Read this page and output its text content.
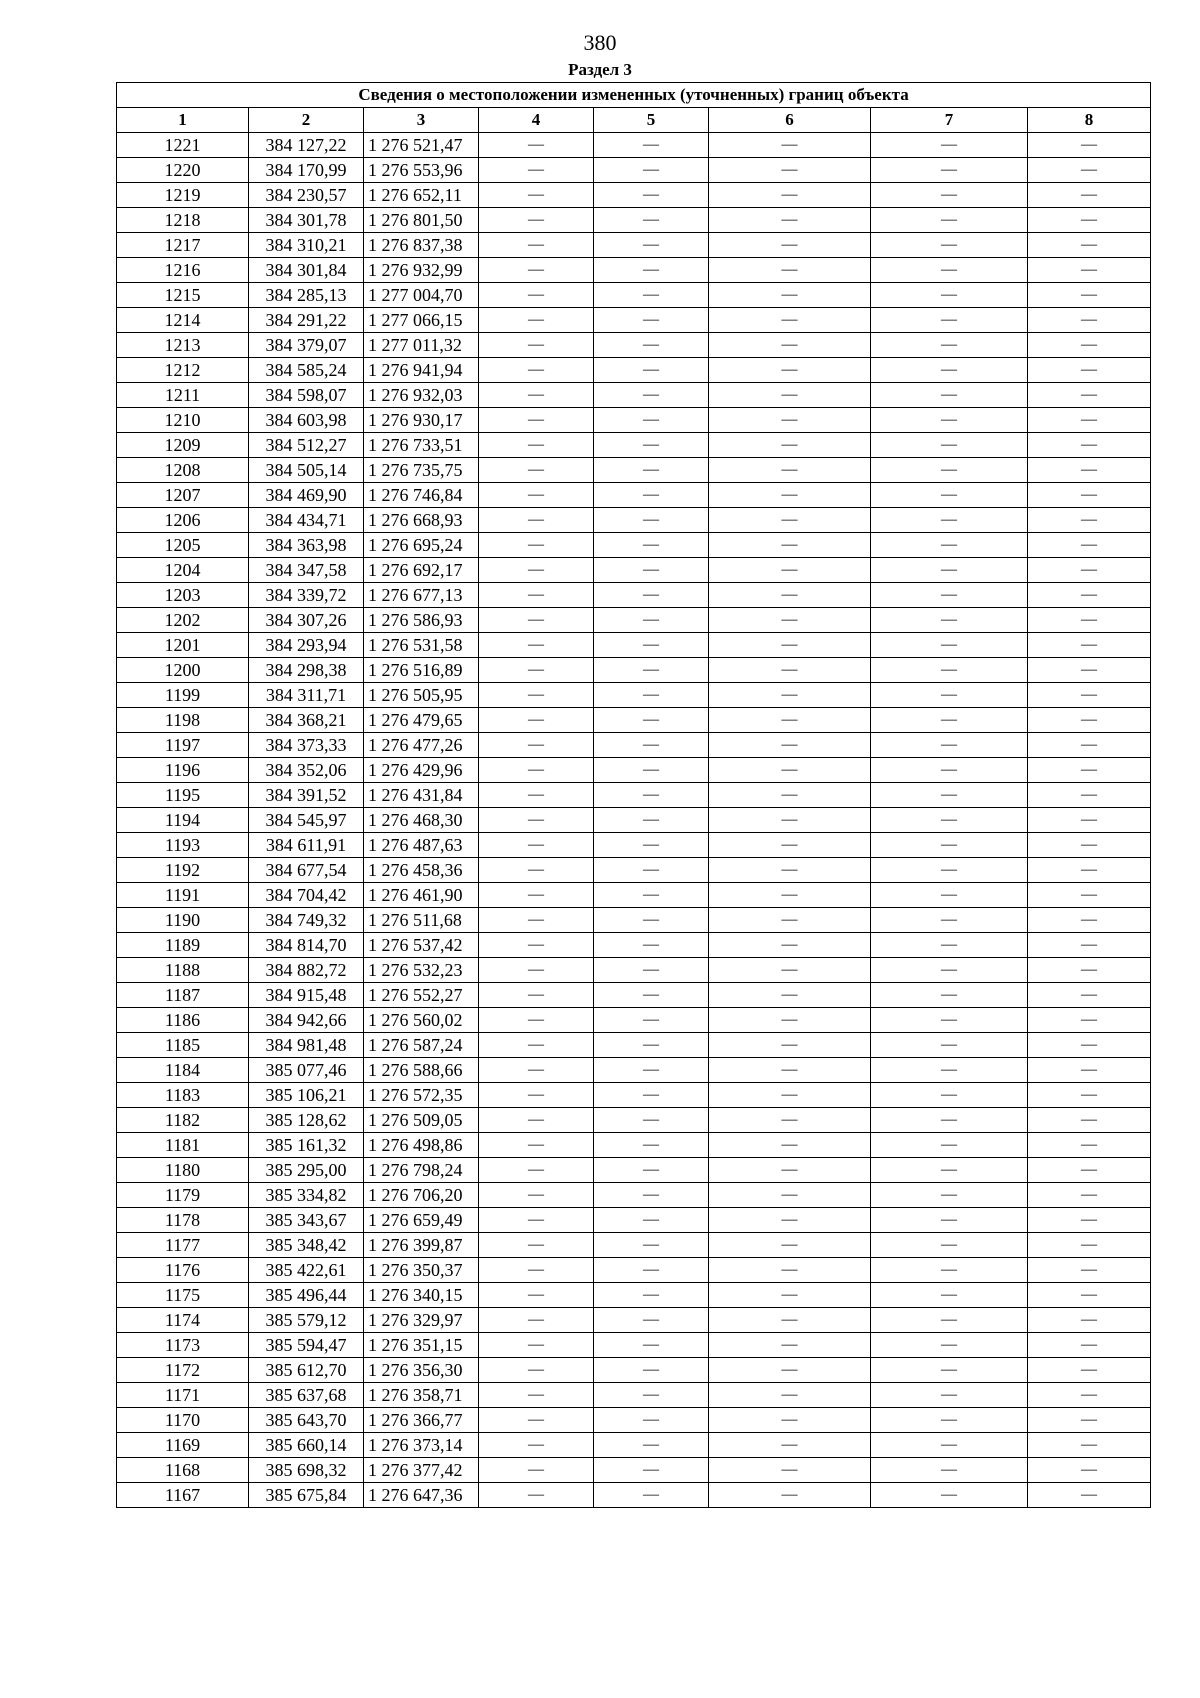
380
Раздел 3
Сведения о местоположении измененных (уточненных) границ объекта							
1	2	3	4	5	6	7	8
1221	384 127,22	1 276 521,47	—	—	—	—	—
1220	384 170,99	1 276 553,96	—	—	—	—	—
1219	384 230,57	1 276 652,11	—	—	—	—	—
1218	384 301,78	1 276 801,50	—	—	—	—	—
1217	384 310,21	1 276 837,38	—	—	—	—	—
1216	384 301,84	1 276 932,99	—	—	—	—	—
1215	384 285,13	1 277 004,70	—	—	—	—	—
1214	384 291,22	1 277 066,15	—	—	—	—	—
1213	384 379,07	1 277 011,32	—	—	—	—	—
1212	384 585,24	1 276 941,94	—	—	—	—	—
1211	384 598,07	1 276 932,03	—	—	—	—	—
1210	384 603,98	1 276 930,17	—	—	—	—	—
1209	384 512,27	1 276 733,51	—	—	—	—	—
1208	384 505,14	1 276 735,75	—	—	—	—	—
1207	384 469,90	1 276 746,84	—	—	—	—	—
1206	384 434,71	1 276 668,93	—	—	—	—	—
1205	384 363,98	1 276 695,24	—	—	—	—	—
1204	384 347,58	1 276 692,17	—	—	—	—	—
1203	384 339,72	1 276 677,13	—	—	—	—	—
1202	384 307,26	1 276 586,93	—	—	—	—	—
1201	384 293,94	1 276 531,58	—	—	—	—	—
1200	384 298,38	1 276 516,89	—	—	—	—	—
1199	384 311,71	1 276 505,95	—	—	—	—	—
1198	384 368,21	1 276 479,65	—	—	—	—	—
1197	384 373,33	1 276 477,26	—	—	—	—	—
1196	384 352,06	1 276 429,96	—	—	—	—	—
1195	384 391,52	1 276 431,84	—	—	—	—	—
1194	384 545,97	1 276 468,30	—	—	—	—	—
1193	384 611,91	1 276 487,63	—	—	—	—	—
1192	384 677,54	1 276 458,36	—	—	—	—	—
1191	384 704,42	1 276 461,90	—	—	—	—	—
1190	384 749,32	1 276 511,68	—	—	—	—	—
1189	384 814,70	1 276 537,42	—	—	—	—	—
1188	384 882,72	1 276 532,23	—	—	—	—	—
1187	384 915,48	1 276 552,27	—	—	—	—	—
1186	384 942,66	1 276 560,02	—	—	—	—	—
1185	384 981,48	1 276 587,24	—	—	—	—	—
1184	385 077,46	1 276 588,66	—	—	—	—	—
1183	385 106,21	1 276 572,35	—	—	—	—	—
1182	385 128,62	1 276 509,05	—	—	—	—	—
1181	385 161,32	1 276 498,86	—	—	—	—	—
1180	385 295,00	1 276 798,24	—	—	—	—	—
1179	385 334,82	1 276 706,20	—	—	—	—	—
1178	385 343,67	1 276 659,49	—	—	—	—	—
1177	385 348,42	1 276 399,87	—	—	—	—	—
1176	385 422,61	1 276 350,37	—	—	—	—	—
1175	385 496,44	1 276 340,15	—	—	—	—	—
1174	385 579,12	1 276 329,97	—	—	—	—	—
1173	385 594,47	1 276 351,15	—	—	—	—	—
1172	385 612,70	1 276 356,30	—	—	—	—	—
1171	385 637,68	1 276 358,71	—	—	—	—	—
1170	385 643,70	1 276 366,77	—	—	—	—	—
1169	385 660,14	1 276 373,14	—	—	—	—	—
1168	385 698,32	1 276 377,42	—	—	—	—	—
1167	385 675,84	1 276 647,36	—	—	—	—	—
